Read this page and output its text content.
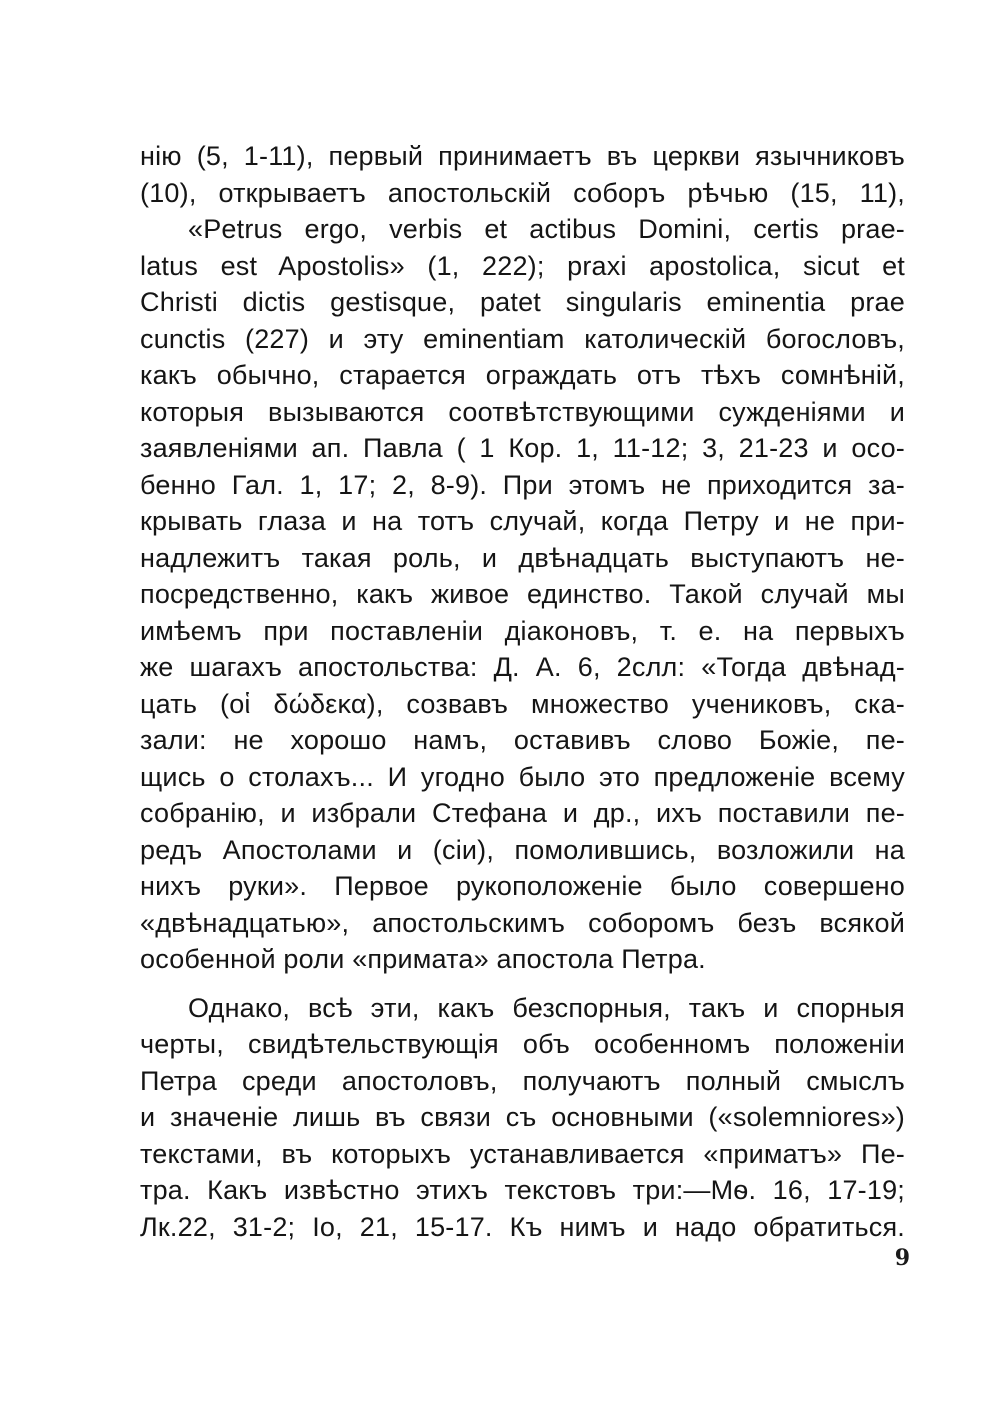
нію (5, 1-11), первый принимаетъ въ церкви язычниковъ
(10), открываетъ апостольскій соборъ рѣчью (15, 11),
«Petrus ergo, verbis et actibus Domini, certis prae-
latus est Apostolis» (1, 222); praxi apostolica, sicut et
Christi dictis gestisque, patet singularis eminentia prae
cunctis (227) и эту eminentiam католическій богословъ,
какъ обычно, старается ограждать отъ тѣхъ сомнѣній,
которыя вызываются соотвѣтствующими сужденіями и
заявленіями ап. Павла ( 1 Кор. 1, 11-12; 3, 21-23 и осо-
бенно Гал. 1, 17; 2, 8-9). При этомъ не приходится за-
крывать глаза и на тотъ случай, когда Петру и не при-
надлежитъ такая роль, и двѣнадцать выступаютъ не-
посредственно, какъ живое единство. Такой случай мы
имѣемъ при поставленіи діаконовъ, т. е. на первыхъ
же шагахъ апостольства: Д. А. 6, 2слл: «Тогда двѣнад-
цать (οἱ δώδεκα), созвавъ множество учениковъ, ска-
зали: не хорошо намъ, оставивъ слово Божіе, пе-
щись о столахъ... И угодно было это предложеніе всему
собранію, и избрали Стефана и др., ихъ поставили пе-
редъ Апостолами и (сіи), помолившись, возложили на
нихъ руки». Первое рукоположеніе было совершено
«двѣнадцатью», апостольскимъ соборомъ безъ всякой
особенной роли «примата» апостола Петра.
Однако, всѣ эти, какъ безспорныя, такъ и спорныя
черты, свидѣтельствующія объ особенномъ положеніи
Петра среди апостоловъ, получаютъ полный смыслъ
и значеніе лишь въ связи съ основными («solemniores»)
текстами, въ которыхъ устанавливается «приматъ» Пе-
тра. Какъ извѣстно этихъ текстовъ три:—Мѳ. 16, 17-19;
Лк.22, 31-2; Іо, 21, 15-17. Къ нимъ и надо обратиться.
9
